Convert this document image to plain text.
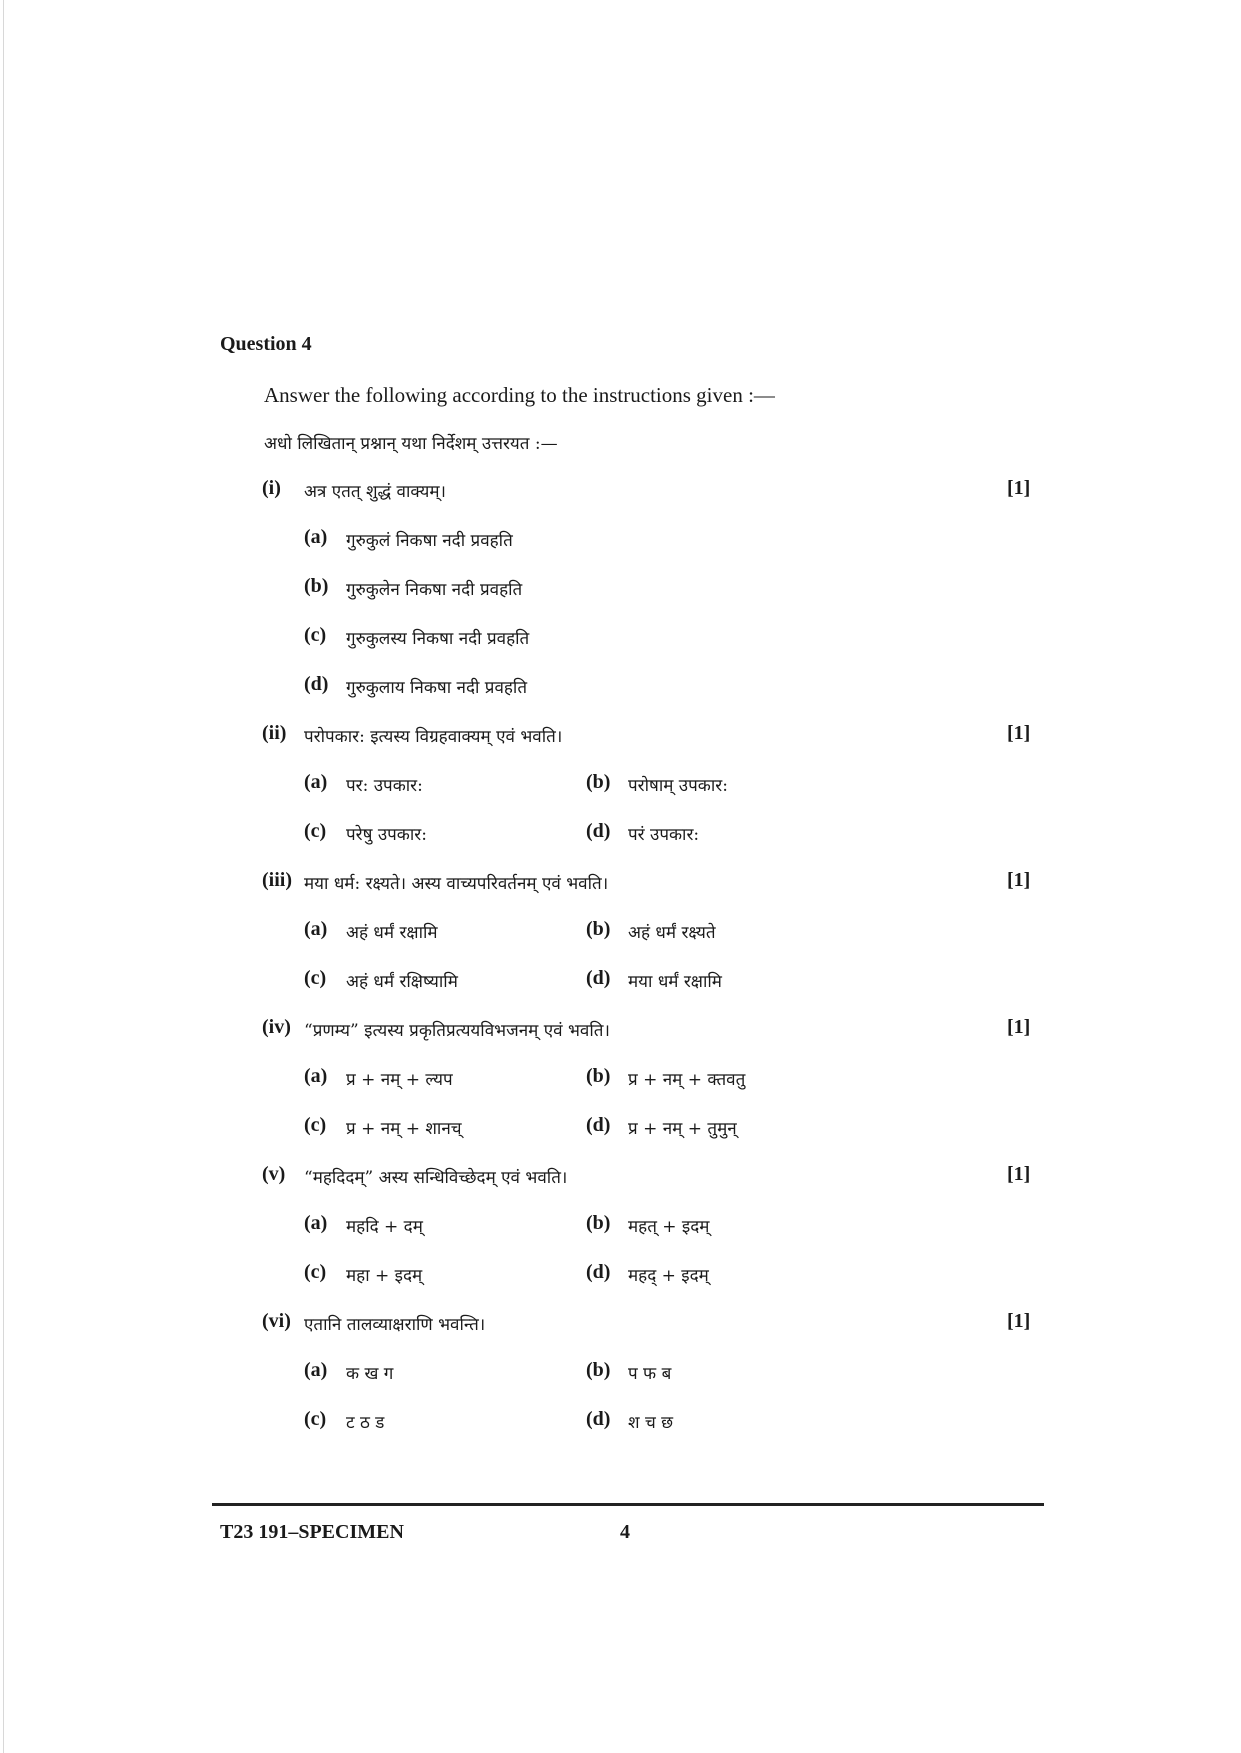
Question 4
Answer the following according to the instructions given :—
अधो लिखितान् प्रश्नान् यथा निर्देशम् उत्तरयत :—
(i) अत्र एतत् शुद्धं वाक्यम्।	[1]
(a) गुरुकुलं निकषा नदी प्रवहति
(b) गुरुकुलेन निकषा नदी प्रवहति
(c) गुरुकुलस्य निकषा नदी प्रवहति
(d) गुरुकुलाय निकषा नदी प्रवहति
(ii) परोपकार: इत्यस्य विग्रहवाक्यम् एवं भवति।	[1]
(a) पर: उपकार:	(b) परोषाम् उपकार:
(c) परेषु उपकार:	(d) परं उपकार:
(iii) मया धर्म: रक्ष्यते। अस्य वाच्यपरिवर्तनम् एवं भवति।	[1]
(a) अहं धर्मं रक्षामि	(b) अहं धर्मं रक्ष्यते
(c) अहं धर्मं रक्षिष्यामि	(d) मया धर्मं रक्षामि
(iv) “प्रणम्य” इत्यस्य प्रकृतिप्रत्ययविभजनम् एवं भवति।	[1]
(a) प्र + नम् + ल्यप	(b) प्र + नम् + क्तवतु
(c) प्र + नम् + शानच्	(d) प्र + नम् + तुमुन्
(v) “महदिदम्” अस्य सन्धिविच्छेदम् एवं भवति।	[1]
(a) महदि + दम्	(b) महत् + इदम्
(c) महा + इदम्	(d) महद् + इदम्
(vi) एतानि तालव्याक्षराणि भवन्ति।	[1]
(a) क ख ग	(b) प फ ब
(c) ट ठ ड	(d) श च छ
T23 191–SPECIMEN	4
